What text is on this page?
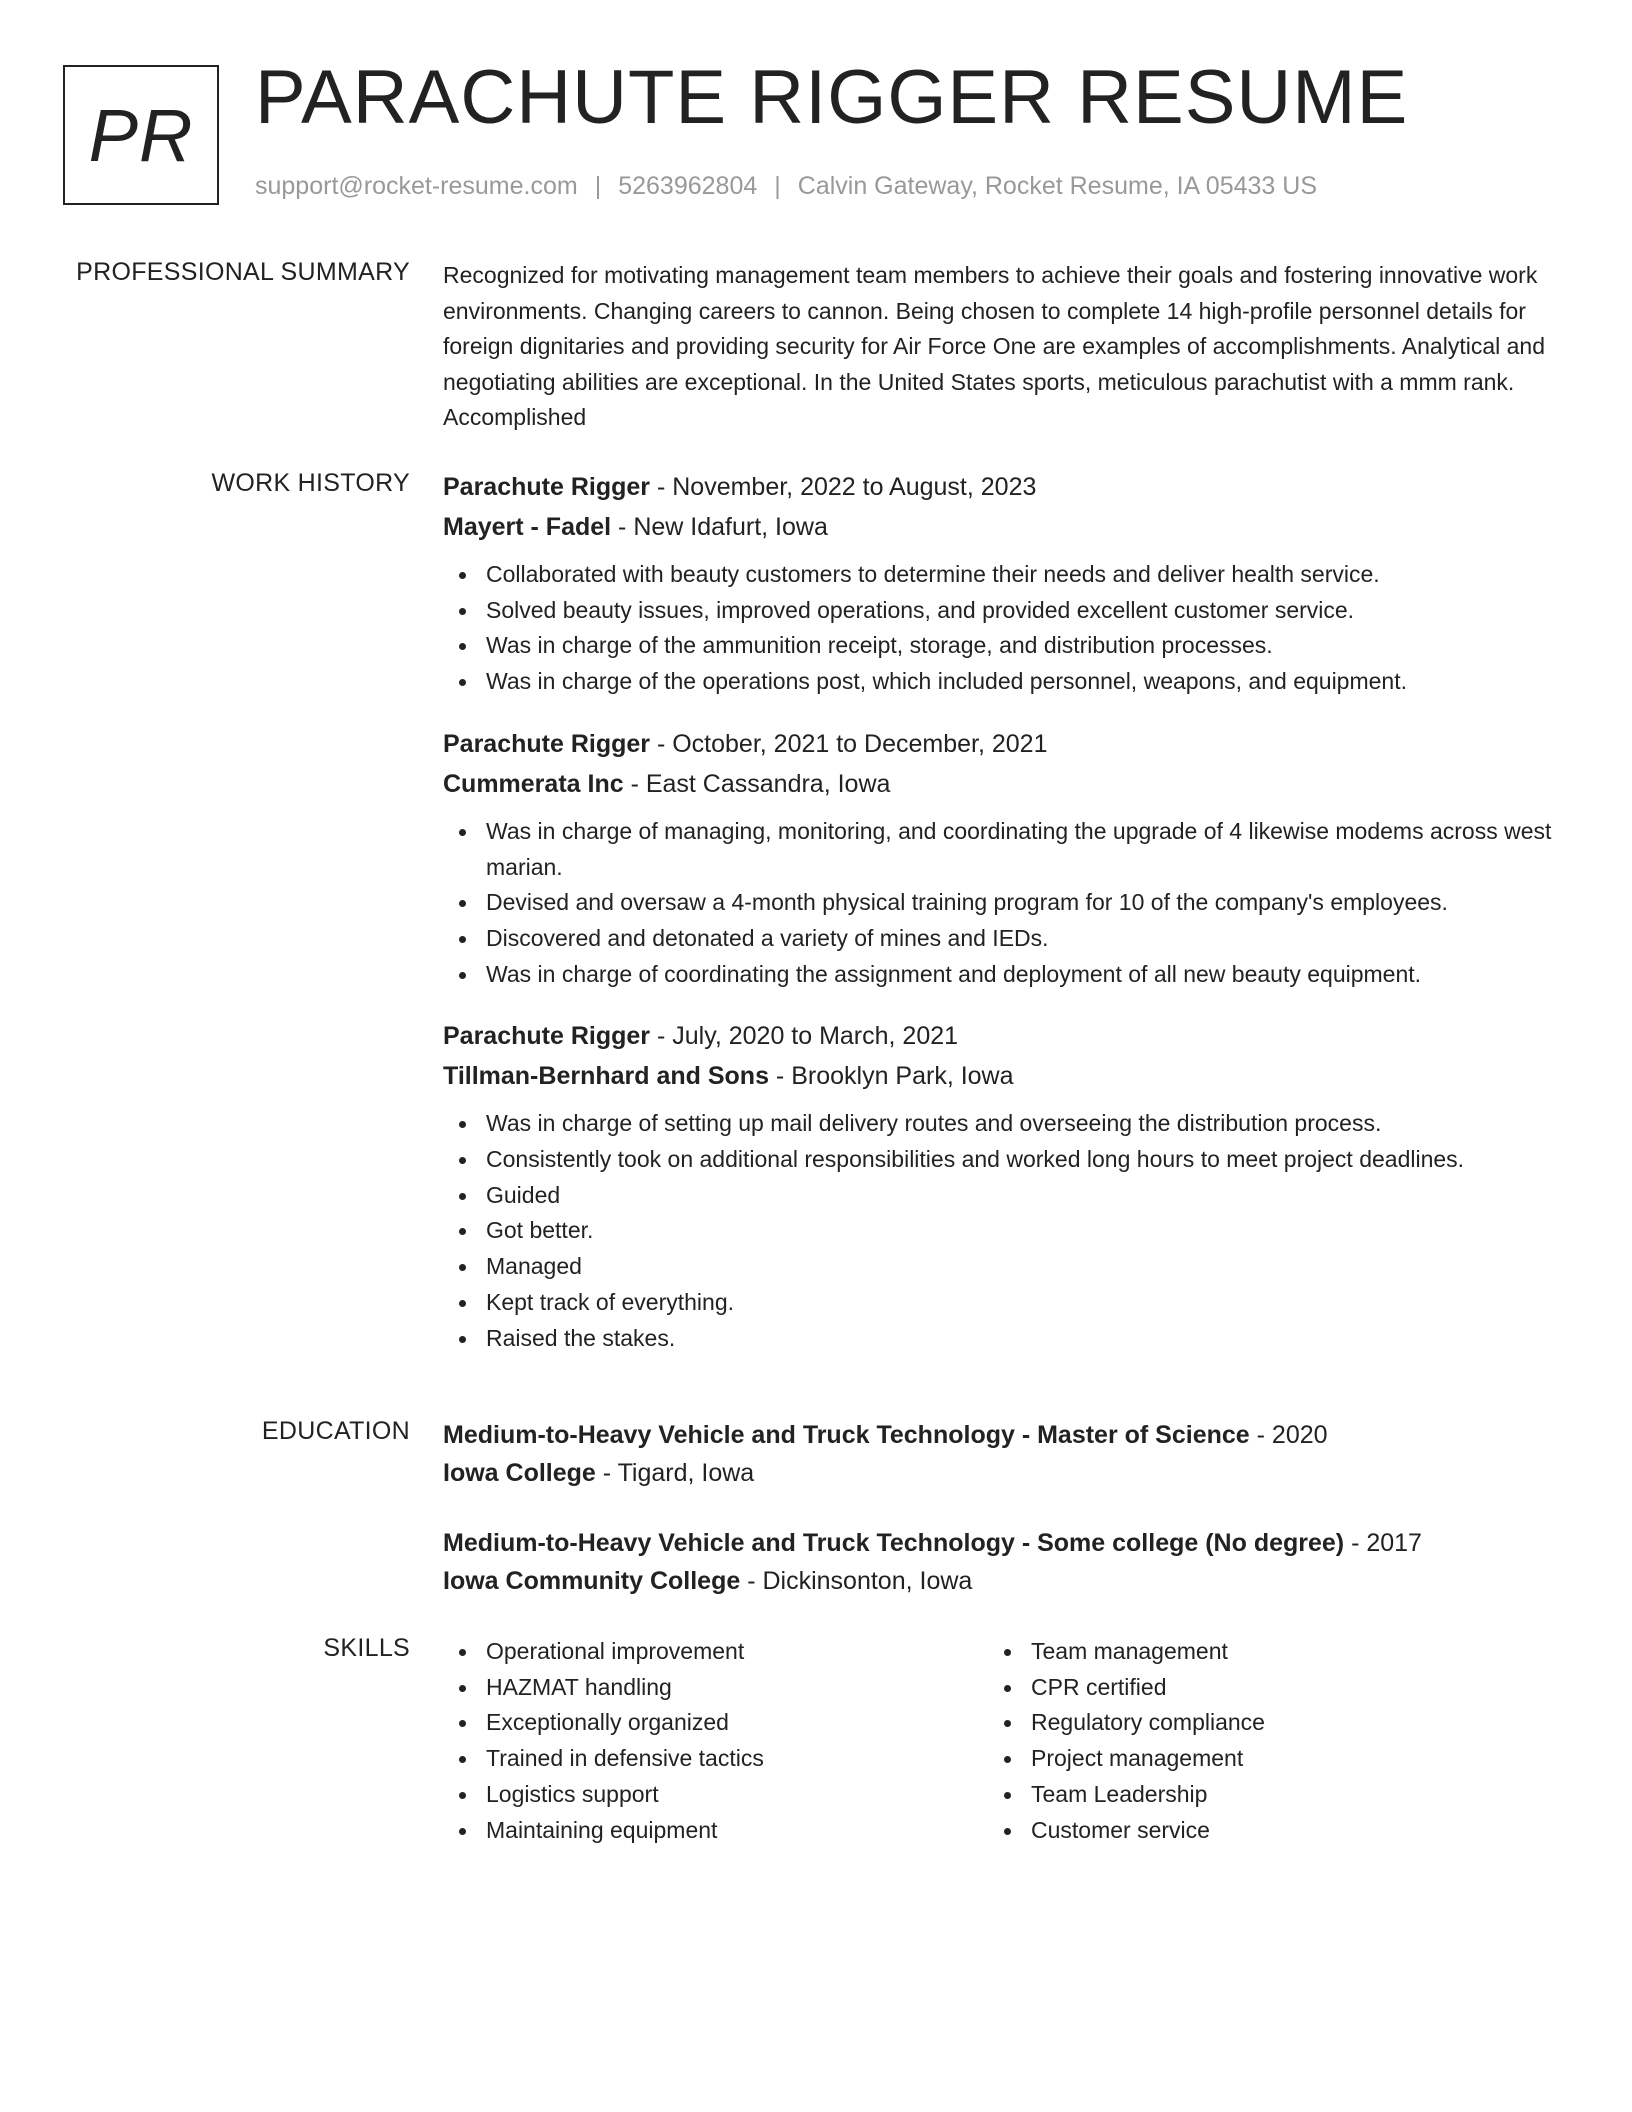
PR PARACHUTE RIGGER RESUME
support@rocket-resume.com | 5263962804 | Calvin Gateway, Rocket Resume, IA 05433 US
PROFESSIONAL SUMMARY Recognized for motivating management team members to achieve their goals and fostering innovative work environments. Changing careers to cannon. Being chosen to complete 14 high-profile personnel details for foreign dignitaries and providing security for Air Force One are examples of accomplishments. Analytical and negotiating abilities are exceptional. In the United States sports, meticulous parachutist with a mmm rank. Accomplished

WORK HISTORY Parachute Rigger - November, 2022 to August, 2023
Mayert - Fadel - New Idafurt, Iowa
Collaborated with beauty customers to determine their needs and deliver health service.
Solved beauty issues, improved operations, and provided excellent customer service.
Was in charge of the ammunition receipt, storage, and distribution processes.
Was in charge of the operations post, which included personnel, weapons, and equipment.
Parachute Rigger - October, 2021 to December, 2021
Cummerata Inc - East Cassandra, Iowa
Was in charge of managing, monitoring, and coordinating the upgrade of 4 likewise modems across west marian.
Devised and oversaw a 4-month physical training program for 10 of the company's employees.
Discovered and detonated a variety of mines and IEDs.
Was in charge of coordinating the assignment and deployment of all new beauty equipment.
Parachute Rigger - July, 2020 to March, 2021
Tillman-Bernhard and Sons - Brooklyn Park, Iowa
Was in charge of setting up mail delivery routes and overseeing the distribution process.
Consistently took on additional responsibilities and worked long hours to meet project deadlines.
Guided
Got better.
Managed
Kept track of everything.
Raised the stakes.
EDUCATION Medium-to-Heavy Vehicle and Truck Technology - Master of Science - 2020
Iowa College - Tigard, Iowa
Medium-to-Heavy Vehicle and Truck Technology - Some college (No degree) - 2017
Iowa Community College - Dickinsonton, Iowa
SKILLS	Operational improvement
HAZMAT handling
Exceptionally organized
Trained in defensive tactics
Logistics support
Maintaining equipment
Team management
CPR certified
Regulatory compliance
Project management
Team Leadership
Customer service
